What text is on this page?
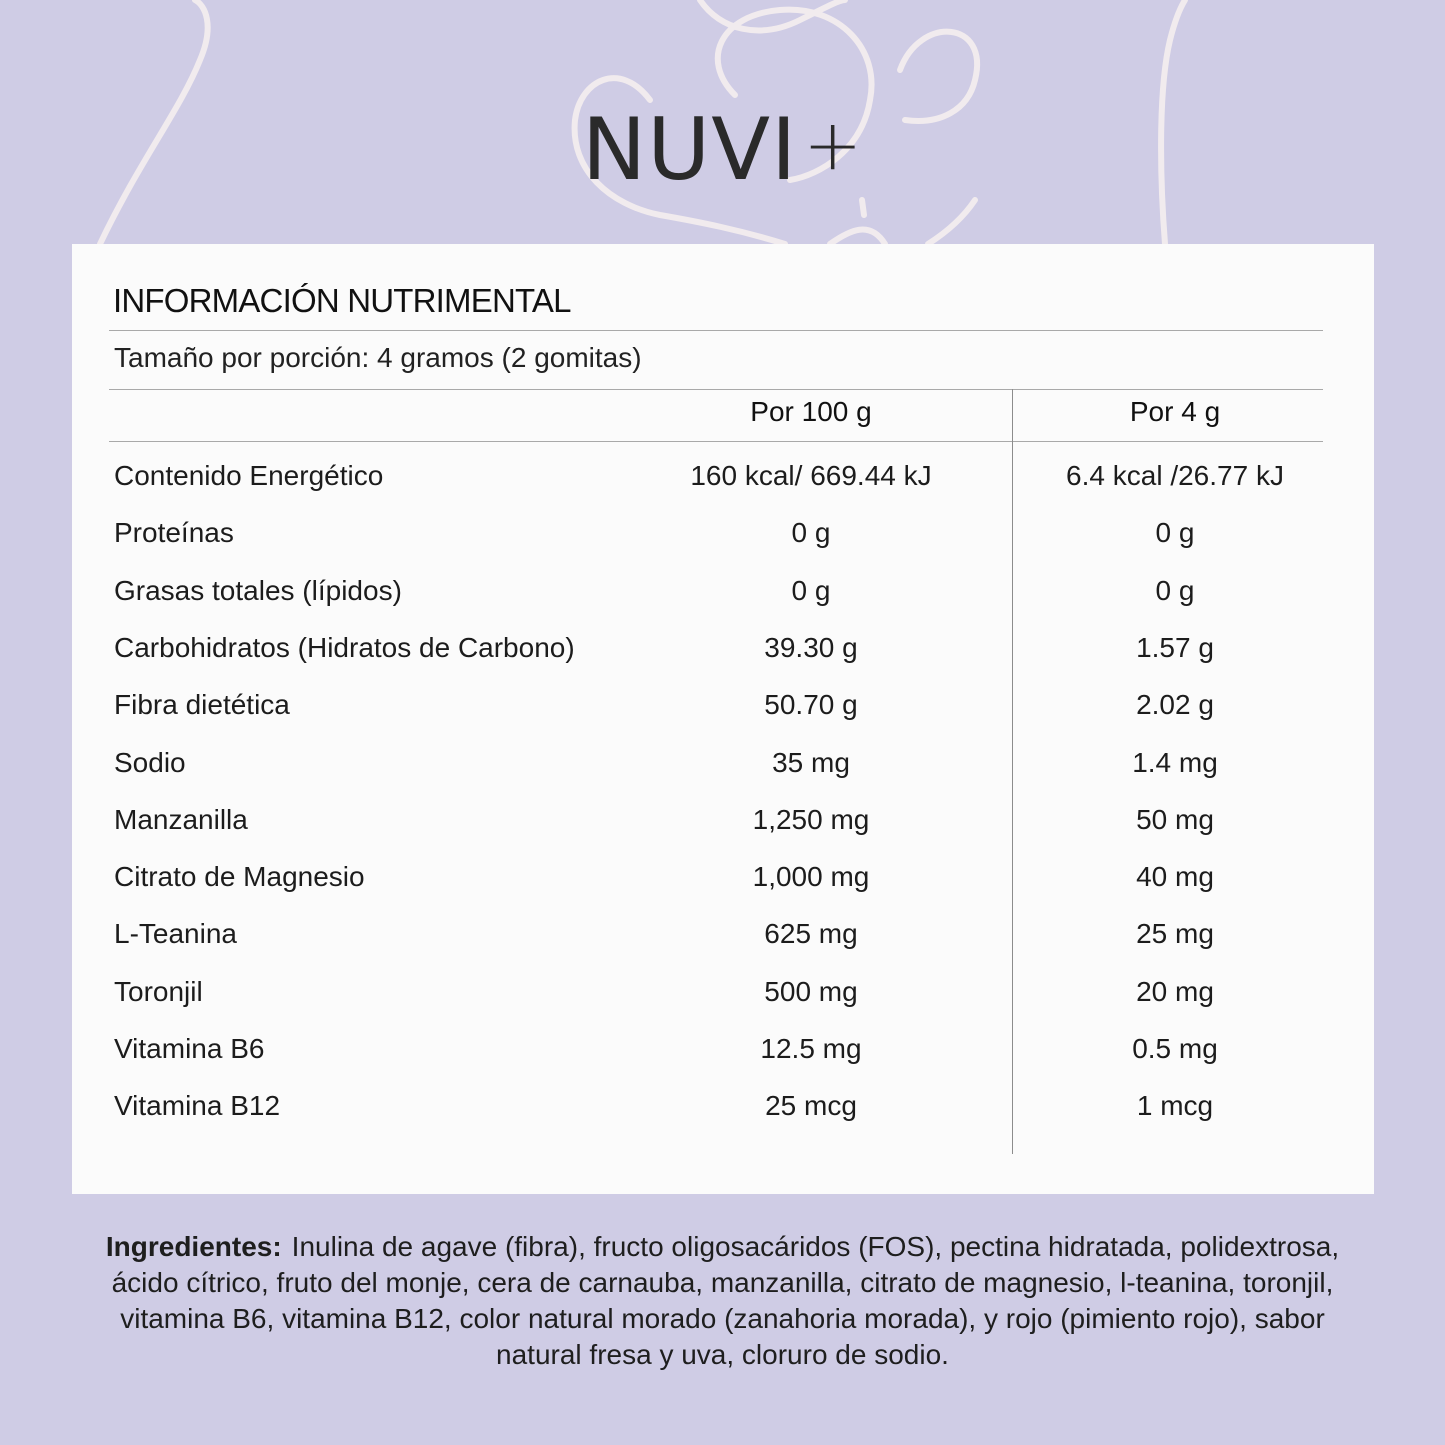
NUVI+
INFORMACIÓN NUTRIMENTAL
Tamaño por porción: 4 gramos (2 gomitas)
Por 100 g	Por 4 g
Contenido Energético	160 kcal/ 669.44 kJ	6.4 kcal /26.77 kJ
Proteínas	0 g	0 g
Grasas totales (lípidos)	0 g	0 g
Carbohidratos (Hidratos de Carbono)	39.30 g	1.57 g
Fibra dietética	50.70 g	2.02 g
Sodio	35 mg	1.4 mg
Manzanilla	1,250 mg	50 mg
Citrato de Magnesio	1,000 mg	40 mg
L-Teanina	625 mg	25 mg
Toronjil	500 mg	20 mg
Vitamina B6	12.5 mg	0.5 mg
Vitamina B12	25 mcg	1 mcg
Ingredientes: Inulina de agave (fibra), fructo oligosacáridos (FOS), pectina hidratada, polidextrosa, ácido cítrico, fruto del monje, cera de carnauba, manzanilla, citrato de magnesio, l-teanina, toronjil, vitamina B6, vitamina B12, color natural morado (zanahoria morada), y rojo (pimiento rojo), sabor natural fresa y uva, cloruro de sodio.
